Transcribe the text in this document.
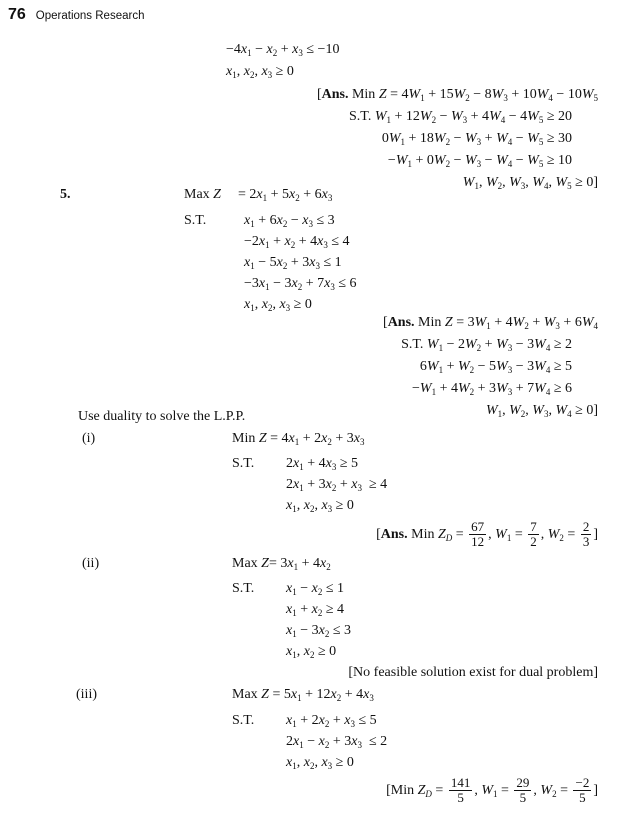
76 Operations Research
$-4x_1 - x_2 + x_3 \le -10$
$x_1$, $x_2$, $x_3 \ge 0$
[Ans. Min $Z = 4W_1 + 15W_2 - 8W_3 + 10W_4 - 10W_5$
S.T. $W_1 + 12W_2 - W_3 + 4W_4 - 4W_5 \ge 20$
$0W_1 + 18W_2 - W_3 + W_4 - W_5 \ge 30$
$-W_1 + 0W_2 - W_3 - W_4 - W_5 \ge 10$
$W_1$, $W_2$, $W_3$, $W_4$, $W_5 \ge 0$]
5.	Max $Z = 2x_1 + 5x_2 + 6x_3$
S.T.	$x_1 + 6x_2 - x_3 \le 3$
$-2x_1 + x_2 + 4x_3 \le 4$
$x_1 - 5x_2 + 3x_3 \le 1$
$-3x_1 - 3x_2 + 7x_3 \le 6$
$x_1$, $x_2$, $x_3 \ge 0$
[Ans. Min $Z = 3W_1 + 4W_2 + W_3 + 6W_4$
S.T. $W_1 - 2W_2 + W_3 - 3W_4 \ge 2$
$6W_1 + W_2 - 5W_3 - 3W_4 \ge 5$
$-W_1 + 4W_2 + 3W_3 + 7W_4 \ge 6$
$W_1$, $W_2$, $W_3$, $W_4 \ge 0$]
Use duality to solve the L.P.P.
(i)	Min $Z = 4x_1 + 2x_2 + 3x_3$
S.T. $2x_1 + 4x_3 \ge 5$
$2x_1 + 3x_2 + x_3 \ge 4$
$x_1$, $x_2$, $x_3 \ge 0$
[Ans. Min $Z_D = \frac{67}{12}$ , $W_1 = \frac{7}{2}$ , $W_2 = \frac{2}{3}$ ]
(ii)	Max $Z= 3x_1 + 4x_2$
S.T. $x_1 - x_2 \le 1$
$x_1 + x_2 \ge 4$
$x_1 - 3x_2 \le 3$
$x_1$, $x_2 \ge 0$
[No feasible solution exist for dual problem]
(iii)	Max $Z = 5x_1 + 12x_2 + 4x_3$
S.T. $x_1 + 2x_2 + x_3 \le 5$
$2x_1 - x_2 + 3x_3 \le 2$
$x_1$, $x_2$, $x_3 \ge 0$
[Min $Z_D = \frac{141}{5}$ , $W_1 = \frac{29}{5}$ , $W_2 = \frac{-2}{5}$ ]
